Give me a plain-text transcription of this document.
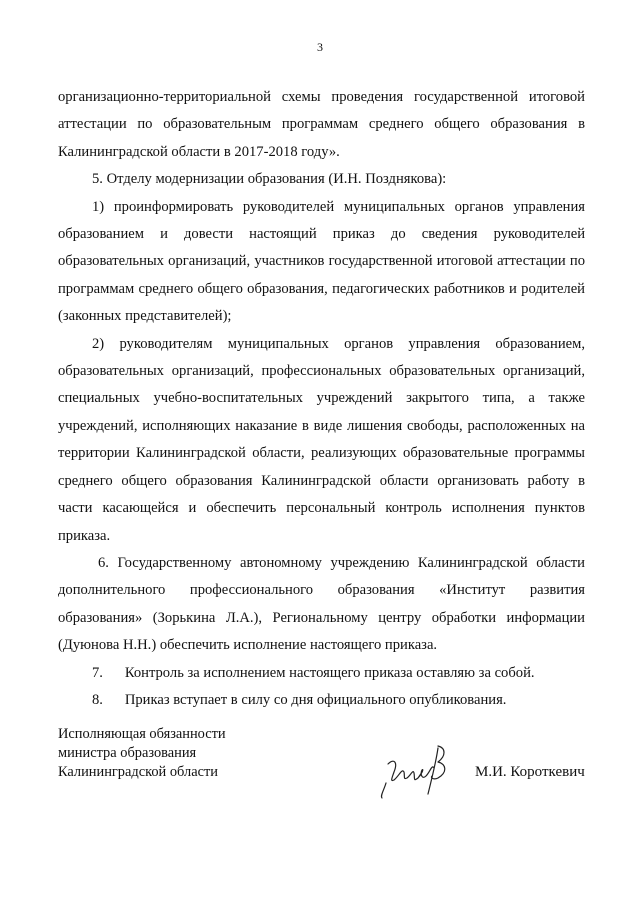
3

организационно-территориальной схемы проведения государственной итоговой аттестации по образовательным программам среднего общего образования в Калининградской области в 2017-2018 году».

5. Отделу модернизации образования (И.Н. Позднякова):

1) проинформировать руководителей муниципальных органов управления образованием и довести настоящий приказ до сведения руководителей образовательных организаций, участников государственной итоговой аттестации по программам среднего общего образования, педагогических работников и родителей (законных представителей);

2) руководителям муниципальных органов управления образованием, образовательных организаций, профессиональных образовательных организаций, специальных учебно-воспитательных учреждений закрытого типа, а также учреждений, исполняющих наказание в виде лишения свободы, расположенных на территории Калининградской области, реализующих образовательные программы среднего общего образования Калининградской области организовать работу в части касающейся и обеспечить персональный контроль исполнения пунктов приказа.

6. Государственному автономному учреждению Калининградской области дополнительного профессионального образования «Институт развития образования» (Зорькина Л.А.), Региональному центру обработки информации (Дуюнова Н.Н.) обеспечить исполнение настоящего приказа.

7.      Контроль за исполнением настоящего приказа оставляю за собой.

8.      Приказ вступает в силу со дня официального опубликования.

Исполняющая обязанности
министра образования
Калининградской области	М.И. Короткевич
